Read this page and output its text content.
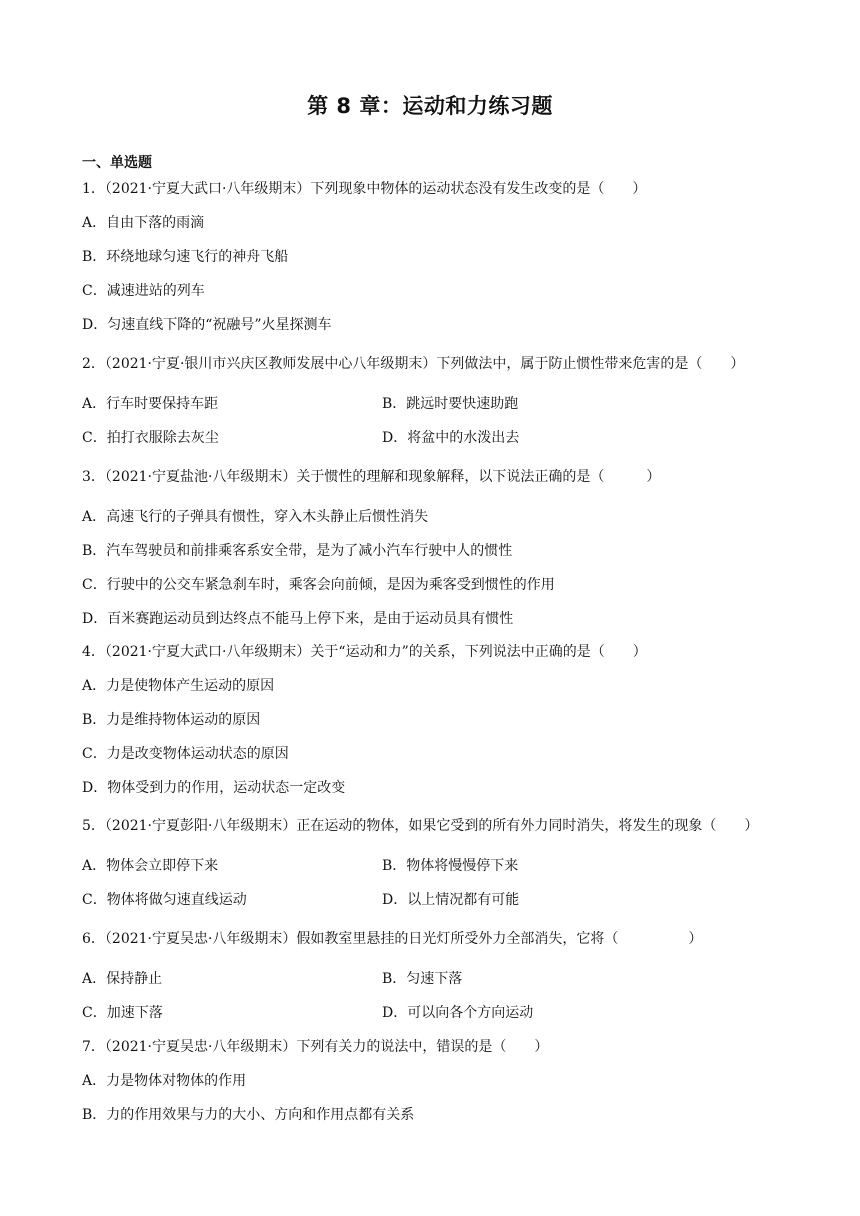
第 8 章：运动和力练习题
一、单选题
1．（2021·宁夏大武口·八年级期末）下列现象中物体的运动状态没有发生改变的是（　　）
A．自由下落的雨滴
B．环绕地球匀速飞行的神舟飞船
C．减速进站的列车
D．匀速直线下降的“祝融号”火星探测车
2．（2021·宁夏·银川市兴庆区教师发展中心八年级期末）下列做法中，属于防止惯性带来危害的是（　　）
A．行车时要保持车距	B．跳远时要快速助跑
C．拍打衣服除去灰尘	D．将盆中的水泼出去
3．（2021·宁夏盐池·八年级期末）关于惯性的理解和现象解释，以下说法正确的是（　　　）
A．高速飞行的子弹具有惯性，穿入木头静止后惯性消失
B．汽车驾驶员和前排乘客系安全带，是为了减小汽车行驶中人的惯性
C．行驶中的公交车紧急刹车时，乘客会向前倾，是因为乘客受到惯性的作用
D．百米赛跑运动员到达终点不能马上停下来，是由于运动员具有惯性
4．（2021·宁夏大武口·八年级期末）关于“运动和力”的关系，下列说法中正确的是（　　）
A．力是使物体产生运动的原因
B．力是维持物体运动的原因
C．力是改变物体运动状态的原因
D．物体受到力的作用，运动状态一定改变
5．（2021·宁夏彭阳·八年级期末）正在运动的物体，如果它受到的所有外力同时消失，将发生的现象（　　）
A．物体会立即停下来	B．物体将慢慢停下来
C．物体将做匀速直线运动	D．以上情况都有可能
6．（2021·宁夏吴忠·八年级期末）假如教室里悬挂的日光灯所受外力全部消失，它将（　　　　　）
A．保持静止	B．匀速下落
C．加速下落	D．可以向各个方向运动
7．（2021·宁夏吴忠·八年级期末）下列有关力的说法中，错误的是（　　）
A．力是物体对物体的作用
B．力的作用效果与力的大小、方向和作用点都有关系
